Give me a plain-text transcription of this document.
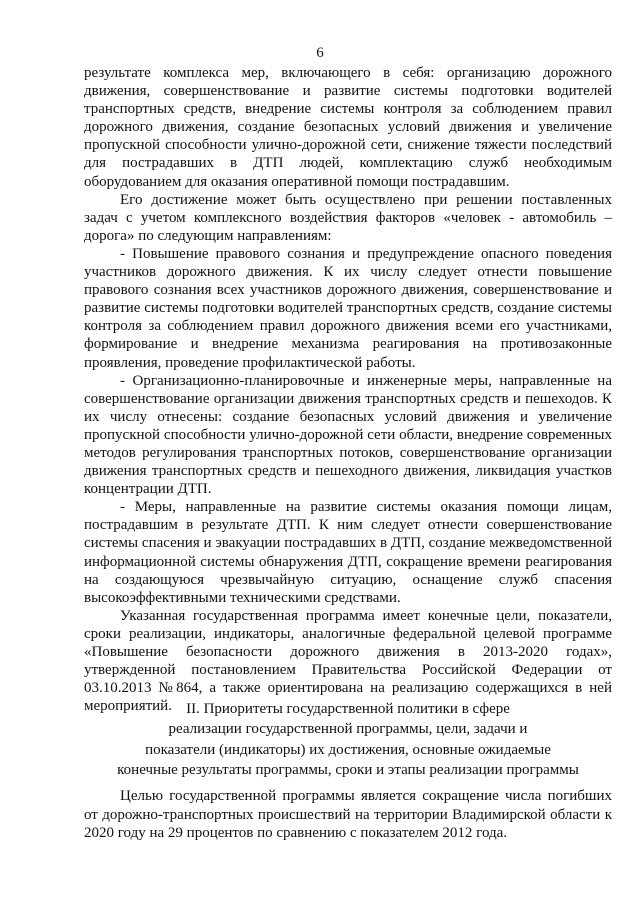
6

результате комплекса мер, включающего в себя: организацию дорожного движения, совершенствование и развитие системы подготовки водителей транспортных средств, внедрение системы контроля за соблюдением правил дорожного движения, создание безопасных условий движения и увеличение пропускной способности улично-дорожной сети, снижение тяжести последствий для пострадавших в ДТП людей, комплектацию служб необходимым оборудованием для оказания оперативной помощи пострадавшим.

Его достижение может быть осуществлено при решении поставленных задач с учетом комплексного воздействия факторов «человек - автомобиль – дорога» по следующим направлениям:

- Повышение правового сознания и предупреждение опасного поведения участников дорожного движения. К их числу следует отнести повышение правового сознания всех участников дорожного движения, совершенствование и развитие системы подготовки водителей транспортных средств, создание системы контроля за соблюдением правил дорожного движения всеми его участниками, формирование и внедрение механизма реагирования на противозаконные проявления, проведение профилактической работы.

- Организационно-планировочные и инженерные меры, направленные на совершенствование организации движения транспортных средств и пешеходов. К их числу отнесены: создание безопасных условий движения и увеличение пропускной способности улично-дорожной сети области, внедрение современных методов регулирования транспортных потоков, совершенствование организации движения транспортных средств и пешеходного движения, ликвидация участков концентрации ДТП.

- Меры, направленные на развитие системы оказания помощи лицам, пострадавшим в результате ДТП. К ним следует отнести совершенствование системы спасения и эвакуации пострадавших в ДТП, создание межведомственной информационной системы обнаружения ДТП, сокращение времени реагирования на создающуюся чрезвычайную ситуацию, оснащение служб спасения высокоэффективными техническими средствами.

Указанная государственная программа имеет конечные цели, показатели, сроки реализации, индикаторы, аналогичные федеральной целевой программе «Повышение безопасности дорожного движения в 2013-2020 годах», утвержденной постановлением Правительства Российской Федерации от 03.10.2013 №864, а также ориентирована на реализацию содержащихся в ней мероприятий. II. Приоритеты государственной политики в сфере
реализации государственной программы, цели, задачи и
показатели (индикаторы) их достижения, основные ожидаемые
конечные результаты программы, сроки и этапы реализации программы

Целью государственной программы является сокращение числа погибших от дорожно-транспортных происшествий на территории Владимирской области к 2020 году на 29 процентов по сравнению с показателем 2012 года.
